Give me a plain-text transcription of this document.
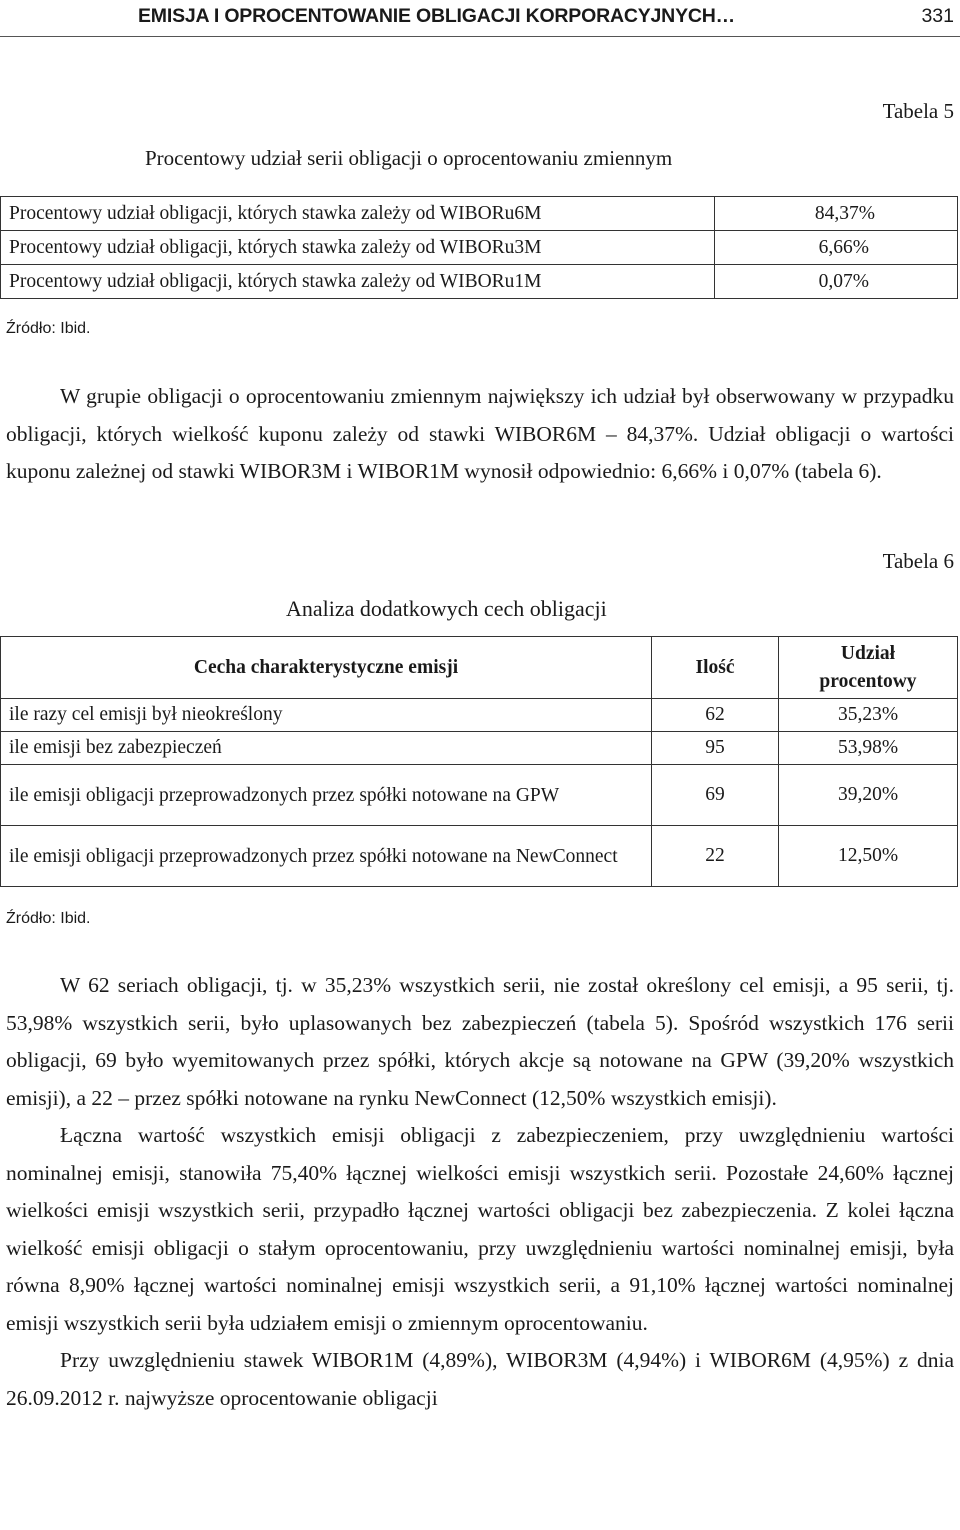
EMISJA I OPROCENTOWANIE OBLIGACJI KORPORACYJNYCH…	331
Tabela 5
Procentowy udział serii obligacji o oprocentowaniu zmiennym
Procentowy udział obligacji, których stawka zależy od WIBORu6M	84,37%
Procentowy udział obligacji, których stawka zależy od WIBORu3M	6,66%
Procentowy udział obligacji, których stawka zależy od WIBORu1M	0,07%
Źródło: Ibid.

W grupie obligacji o oprocentowaniu zmiennym największy ich udział był obserwowany w przypadku obligacji, których wielkość kuponu zależy od stawki WIBOR6M – 84,37%. Udział obligacji o wartości kuponu zależnej od stawki WIBOR3M i WIBOR1M wynosił odpowiednio: 6,66% i 0,07% (tabela 6).

Tabela 6
Analiza dodatkowych cech obligacji
Cecha charakterystyczne emisji	Ilość	Udział procentowy
ile razy cel emisji był nieokreślony	62	35,23%
ile emisji bez zabezpieczeń	95	53,98%
ile emisji obligacji przeprowadzonych przez spółki notowane na GPW	69	39,20%
ile emisji obligacji przeprowadzonych przez spółki notowane na NewConnect	22	12,50%
Źródło: Ibid.

W 62 seriach obligacji, tj. w 35,23% wszystkich serii, nie został określony cel emisji, a 95 serii, tj. 53,98% wszystkich serii, było uplasowanych bez zabezpieczeń (tabela 5). Spośród wszystkich 176 serii obligacji, 69 było wyemitowanych przez spółki, których akcje są notowane na GPW (39,20% wszystkich emisji), a 22 – przez spółki notowane na rynku NewConnect (12,50% wszystkich emisji).

Łączna wartość wszystkich emisji obligacji z zabezpieczeniem, przy uwzględnieniu wartości nominalnej emisji, stanowiła 75,40% łącznej wielkości emisji wszystkich serii. Pozostałe 24,60% łącznej wielkości emisji wszystkich serii, przypadło łącznej wartości obligacji bez zabezpieczenia. Z kolei łączna wielkość emisji obligacji o stałym oprocentowaniu, przy uwzględnieniu wartości nominalnej emisji, była równa 8,90% łącznej wartości nominalnej emisji wszystkich serii, a 91,10% łącznej wartości nominalnej emisji wszystkich serii była udziałem emisji o zmiennym oprocentowaniu.

Przy uwzględnieniu stawek WIBOR1M (4,89%), WIBOR3M (4,94%) i WIBOR6M (4,95%) z dnia 26.09.2012 r. najwyższe oprocentowanie obligacji
